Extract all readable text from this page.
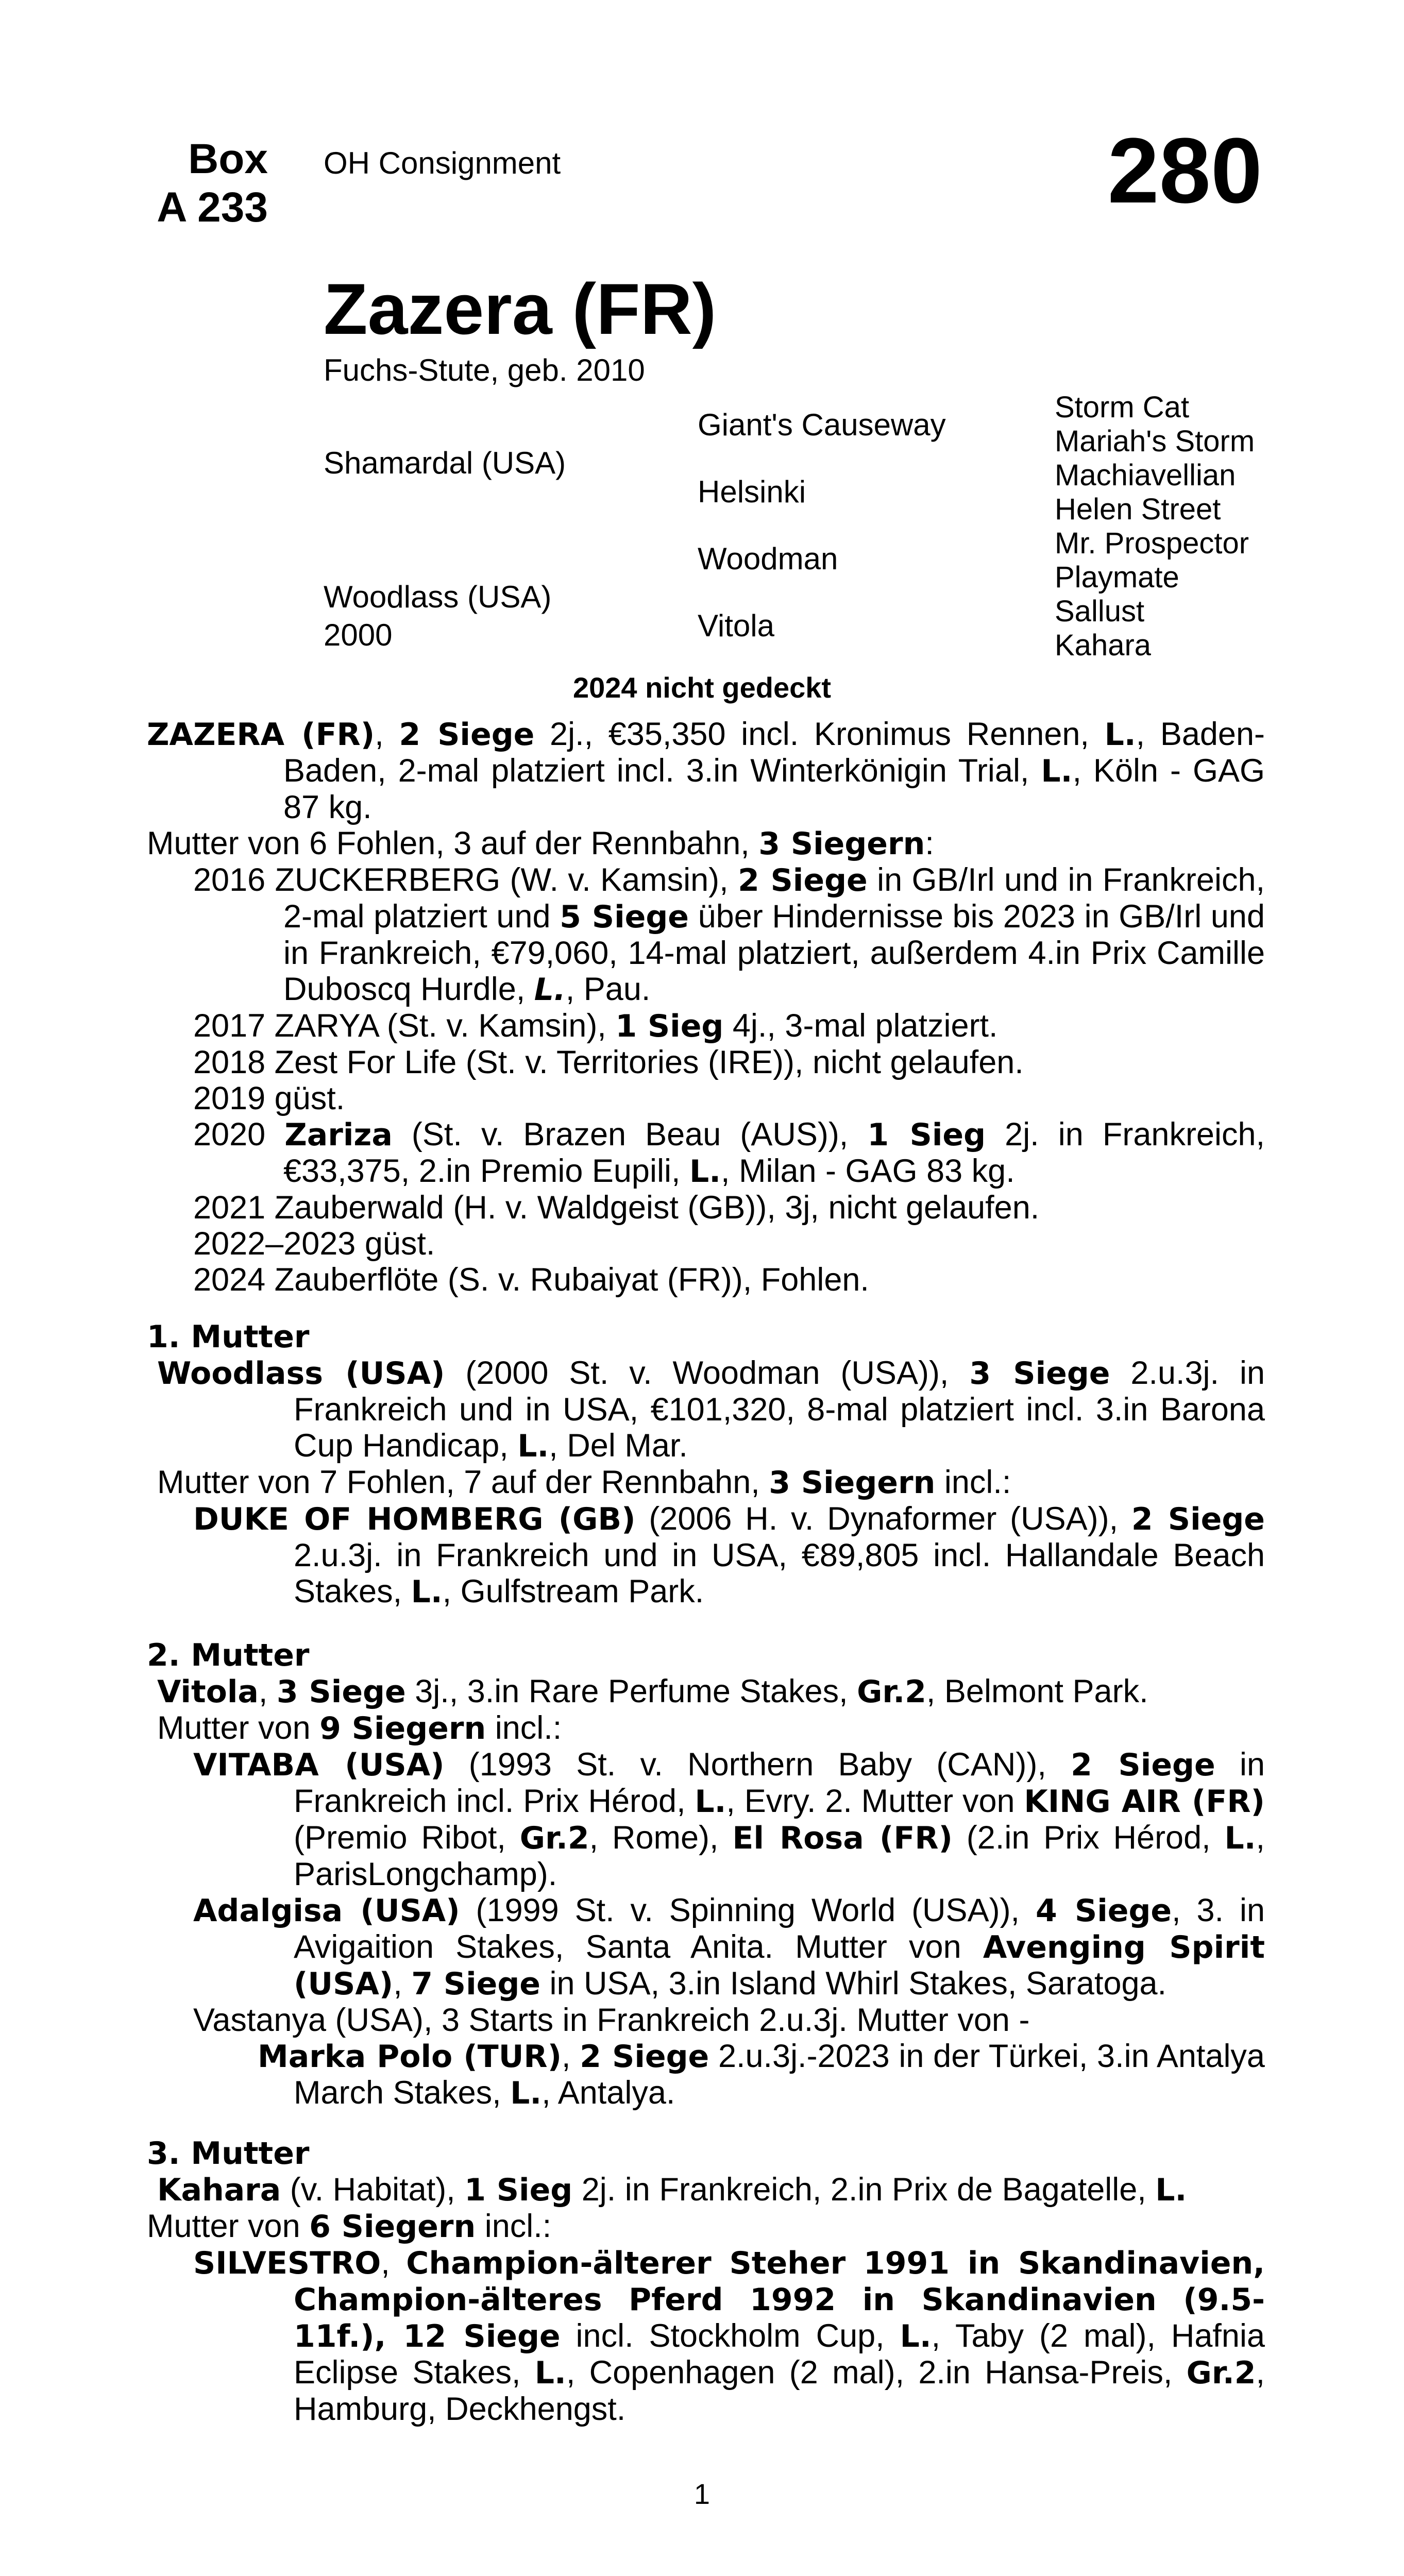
Box
A 233
OH Consignment	280
Zazera (FR)
Fuchs-Stute, geb. 2010
Shamardal (USA)
Woodlass (USA)
2000
Giant's Causeway
Helsinki
Woodman
Vitola
Storm Cat
Mariah's Storm
Machiavellian
Helen Street
Mr. Prospector
Playmate
Sallust
Kahara
2024 nicht gedeckt

ZAZERA (FR), 2 Siege 2j., €35,350 incl. Kronimus Rennen, L., Baden-Baden, 2-mal platziert incl. 3.in Winterkönigin Trial, L., Köln - GAG 87 kg.

Mutter von 6 Fohlen, 3 auf der Rennbahn, 3 Siegern:

2016 ZUCKERBERG (W. v. Kamsin), 2 Siege in GB/Irl und in Frankreich, 2-mal platziert und 5 Siege über Hindernisse bis 2023 in GB/Irl und in Frankreich, €79,060, 14-mal platziert, außerdem 4.in Prix Camille Duboscq Hurdle, L., Pau.

2017 ZARYA (St. v. Kamsin), 1 Sieg 4j., 3-mal platziert.

2018 Zest For Life (St. v. Territories (IRE)), nicht gelaufen.

2019 güst.

2020 Zariza (St. v. Brazen Beau (AUS)), 1 Sieg 2j. in Frankreich, €33,375, 2.in Premio Eupili, L., Milan - GAG 83 kg.

2021 Zauberwald (H. v. Waldgeist (GB)), 3j, nicht gelaufen.

2022–2023 güst.

2024 Zauberflöte (S. v. Rubaiyat (FR)), Fohlen.

1. Mutter

Woodlass (USA) (2000 St. v. Woodman (USA)), 3 Siege 2.u.3j. in Frankreich und in USA, €101,320, 8-mal platziert incl. 3.in Barona Cup Handicap, L., Del Mar.

Mutter von 7 Fohlen, 7 auf der Rennbahn, 3 Siegern incl.:

DUKE OF HOMBERG (GB) (2006 H. v. Dynaformer (USA)), 2 Siege 2.u.3j. in Frankreich und in USA, €89,805 incl. Hallandale Beach Stakes, L., Gulfstream Park.

2. Mutter

Vitola, 3 Siege 3j., 3.in Rare Perfume Stakes, Gr.2, Belmont Park.

Mutter von 9 Siegern incl.:

VITABA (USA) (1993 St. v. Northern Baby (CAN)), 2 Siege in Frankreich incl. Prix Hérod, L., Evry. 2. Mutter von KING AIR (FR) (Premio Ribot, Gr.2, Rome), El Rosa (FR) (2.in Prix Hérod, L., ParisLongchamp).

Adalgisa (USA) (1999 St. v. Spinning World (USA)), 4 Siege, 3. in Avigaition Stakes, Santa Anita. Mutter von Avenging Spirit (USA), 7 Siege in USA, 3.in Island Whirl Stakes, Saratoga.

Vastanya (USA), 3 Starts in Frankreich 2.u.3j. Mutter von -

Marka Polo (TUR), 2 Siege 2.u.3j.-2023 in der Türkei, 3.in Antalya March Stakes, L., Antalya.

3. Mutter

Kahara (v. Habitat), 1 Sieg 2j. in Frankreich, 2.in Prix de Bagatelle, L.

Mutter von 6 Siegern incl.:

SILVESTRO, Champion-älterer Steher 1991 in Skandinavien, Champion-älteres Pferd 1992 in Skandinavien (9.5-11f.), 12 Siege incl. Stockholm Cup, L., Taby (2 mal), Hafnia Eclipse Stakes, L., Copenhagen (2 mal), 2.in Hansa-Preis, Gr.2, Hamburg, Deckhengst.

1
